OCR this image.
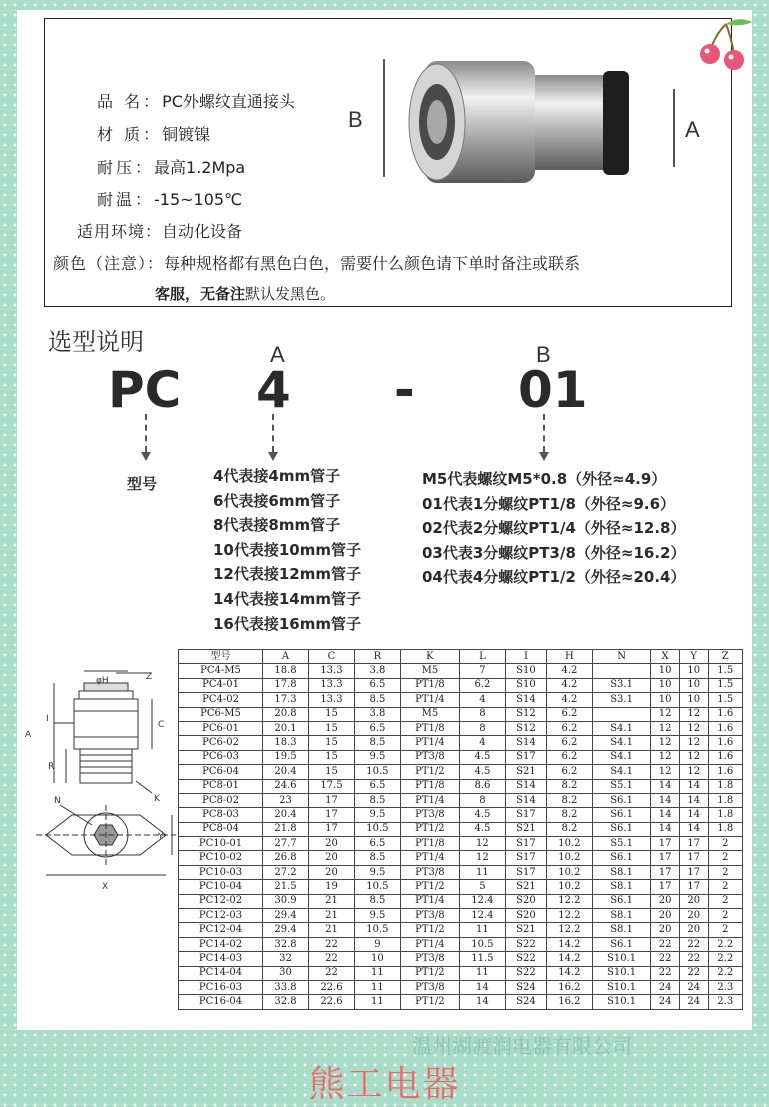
品 名：PC外螺纹直通接头
材 质：铜镀镍
耐压：最高1.2Mpa
耐温：-15~105℃
适用环境：自动化设备
颜色（注意）：每种规格都有黑色白色，需要什么颜色请下单时备注或联系
客服，无备注默认发黑色。
B	A
选型说明	A	B
PC 4 - 01
型号	4代表接4mm管子
6代表接6mm管子
8代表接8mm管子
10代表接10mm管子
12代表接12mm管子
14代表接14mm管子
16代表接16mm管子
M5代表螺纹M5*0.8（外径≈4.9）
01代表1分螺纹PT1/8（外径≈9.6）
02代表2分螺纹PT1/4（外径≈12.8）
03代表3分螺纹PT3/8（外径≈16.2）
04代表4分螺纹PT1/2（外径≈20.4）
φH	Z
I
A
C
R
K
N
Y
X
型号	A	C	R	K	L	I	H	N	X	Y	Z
PC4-M5	18.8	13.3	3.8	M5	7	S10	4.2		10	10	1.5
PC4-01	17.8	13.3	6.5	PT1/8	6.2	S10	4.2	S3.1	10	10	1.5
PC4-02	17.3	13.3	8.5	PT1/4	4	S14	4.2	S3.1	10	10	1.5
PC6-M5	20.8	15	3.8	M5	8	S12	6.2		12	12	1.6
PC6-01	20.1	15	6.5	PT1/8	8	S12	6.2	S4.1	12	12	1.6
PC6-02	18.3	15	8.5	PT1/4	4	S14	6.2	S4.1	12	12	1.6
PC6-03	19.5	15	9.5	PT3/8	4.5	S17	6.2	S4.1	12	12	1.6
PC6-04	20.4	15	10.5	PT1/2	4.5	S21	6.2	S4.1	12	12	1.6
PC8-01	24.6	17.5	6.5	PT1/8	8.6	S14	8.2	S5.1	14	14	1.8
PC8-02	23	17	8.5	PT1/4	8	S14	8.2	S6.1	14	14	1.8
PC8-03	20.4	17	9.5	PT3/8	4.5	S17	8.2	S6.1	14	14	1.8
PC8-04	21.8	17	10.5	PT1/2	4.5	S21	8.2	S6.1	14	14	1.8
PC10-01	27.7	20	6.5	PT1/8	12	S17	10.2	S5.1	17	17	2
PC10-02	26.8	20	8.5	PT1/4	12	S17	10.2	S6.1	17	17	2
PC10-03	27.2	20	9.5	PT3/8	11	S17	10.2	S8.1	17	17	2
PC10-04	21.5	19	10.5	PT1/2	5	S21	10.2	S8.1	17	17	2
PC12-02	30.9	21	8.5	PT1/4	12.4	S20	12.2	S6.1	20	20	2
PC12-03	29.4	21	9.5	PT3/8	12.4	S20	12.2	S8.1	20	20	2
PC12-04	29.4	21	10.5	PT1/2	11	S21	12.2	S8.1	20	20	2
PC14-02	32.8	22	9	PT1/4	10.5	S22	14.2	S6.1	22	22	2.2
PC14-03	32	22	10	PT3/8	11.5	S22	14.2	S10.1	22	22	2.2
PC14-04	30	22	11	PT1/2	11	S22	14.2	S10.1	22	22	2.2
PC16-03	33.8	22.6	11	PT3/8	14	S24	16.2	S10.1	24	24	2.3
PC16-04	32.8	22.6	11	PT1/2	14	S24	16.2	S10.1	24	24	2.3
温州湖渡润电器有限公司
熊工电器
